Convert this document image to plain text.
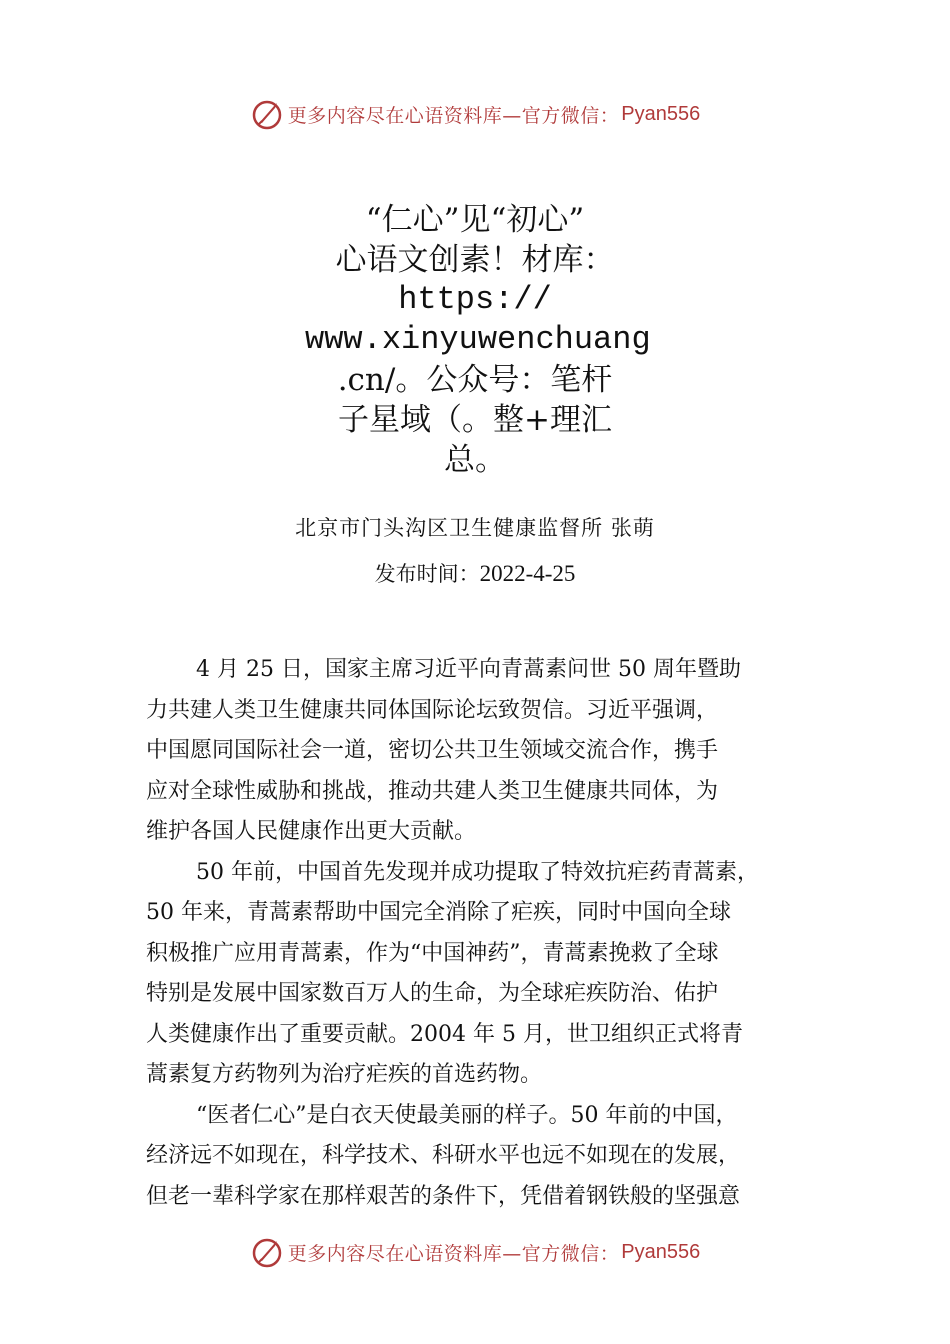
更多内容尽在心语资料库—官方微信： Pyan556
“仁心”见“初心”
心语文创素！材库：
https://
www.xinyuwenchuang
.cn/。公众号：笔杆
子星域（。整+理汇
总。
北京市门头沟区卫生健康监督所 张萌
发布时间：2022-4-25
4 月 25 日，国家主席习近平向青蒿素问世 50 周年暨助
力共建人类卫生健康共同体国际论坛致贺信。习近平强调，
中国愿同国际社会一道，密切公共卫生领域交流合作，携手
应对全球性威胁和挑战，推动共建人类卫生健康共同体，为
维护各国人民健康作出更大贡献。
50 年前，中国首先发现并成功提取了特效抗疟药青蒿素，
50 年来，青蒿素帮助中国完全消除了疟疾，同时中国向全球
积极推广应用青蒿素，作为“中国神药”，青蒿素挽救了全球
特别是发展中国家数百万人的生命，为全球疟疾防治、佑护
人类健康作出了重要贡献。2004 年 5 月，世卫组织正式将青
蒿素复方药物列为治疗疟疾的首选药物。
“医者仁心”是白衣天使最美丽的样子。50 年前的中国，
经济远不如现在，科学技术、科研水平也远不如现在的发展，
但老一辈科学家在那样艰苦的条件下，凭借着钢铁般的坚强意
更多内容尽在心语资料库—官方微信： Pyan556
